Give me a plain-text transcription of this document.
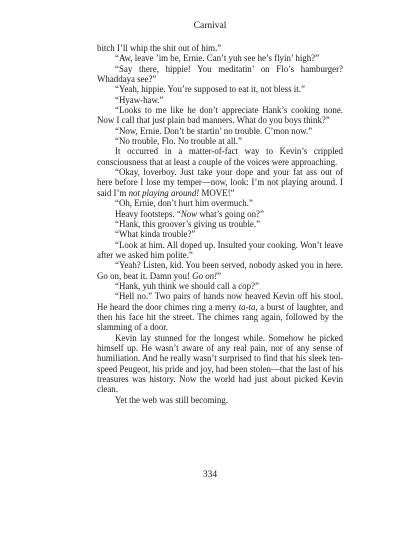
Carnival

bitch I’ll whip the shit out of him.”

“Aw, leave ’im be, Ernie. Can’t yuh see he’s flyin’ high?”

“Say there, hippie! You meditatin’ on Flo’s hamburger? Whaddaya see?”

“Yeah, hippie. You’re supposed to eat it, not bless it.”

“Hyaw-haw.”

“Looks to me like he don’t appreciate Hank’s cooking none. Now I call that just plain bad manners. What do you boys think?”

“Now, Ernie. Don’t be startin’ no trouble. C’mon now.”

“No trouble, Flo. No trouble at all.”

It occurred in a matter-of-fact way to Kevin’s crippled consciousness that at least a couple of the voices were approaching.

“Okay, loverboy. Just take your dope and your fat ass out of here before I lose my temper—now, look: I’m not playing around. I said I’m not playing around! MOVE!”

“Oh, Ernie, don’t hurt him overmuch.”

Heavy footsteps. “Now what’s going on?”

“Hank, this groover’s giving us trouble.”

“What kinda trouble?”

“Look at him. All doped up. Insulted your cooking. Won’t leave after we asked him polite.”

“Yeah? Listen, kid. You been served, nobody asked you in here. Go on, beat it. Damn you! Go on!”

“Hank, yuh think we should call a cop?”

“Hell no.” Two pairs of hands now heaved Kevin off his stool. He heard the door chimes ring a merry ta-ta, a burst of laughter, and then his face hit the street. The chimes rang again, followed by the slamming of a door.

Kevin lay stunned for the longest while. Somehow he picked himself up. He wasn’t aware of any real pain, nor of any sense of humiliation. And he really wasn’t surprised to find that his sleek ten-speed Peugeot, his pride and joy, had been stolen—that the last of his treasures was history. Now the world had just about picked Kevin clean.

Yet the web was still becoming.

334
